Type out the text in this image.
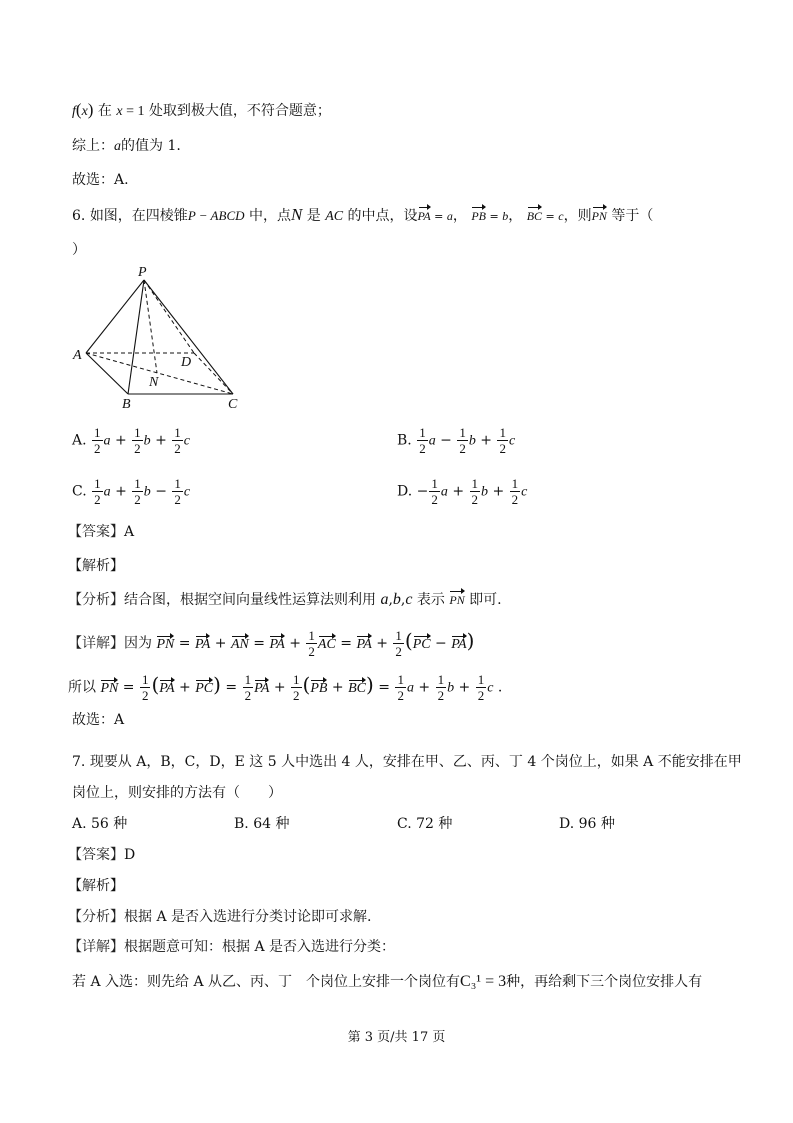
f(x) 在 x = 1 处取到极大值，不符合题意；
综上：a的值为 1.
故选：A.
6. 如图，在四棱锥P − ABCD 中，点N 是 AC 的中点，设PA = a， PB = b， BC = c，则PN 等于（
）
P
A
B	C
D
N
A. $\frac{1}{2}$ $a + \frac{1}{2}$ $b + \frac{1}{2}$ c	B. $\frac{1}{2}$ $a - \frac{1}{2}$ $b + \frac{1}{2}$ c
C. $\frac{1}{2}$ $a + \frac{1}{2}$ $b - \frac{1}{2}$ c	D. − $\frac{1}{2}$ $a + \frac{1}{2}$ $b + \frac{1}{2}$ c
【答案】A
【解析】
【分析】结合图，根据空间向量线性运算法则利用 a,b,c 表示 PN 即可.
【详解】因为 PN = PA + AN = PA + $\frac{1}{2}$ AC = PA + $\frac{1}{2} (PC - PA)$
所以 PN = $\frac{1}{2} (PA + PC) = \frac{1}{2}$ PA + $\frac{1}{2} (PB + BC) = \frac{1}{2}$ $a + \frac{1}{2}$ $b + \frac{1}{2}$ c .
故选：A
7. 现要从 A，B，C，D，E 这 5 人中选出 4 人，安排在甲、乙、丙、丁 4 个岗位上，如果 A 不能安排在甲
岗位上，则安排的方法有（　　）
A. 56 种	B. 64 种	C. 72 种	D. 96 种
【答案】D
【解析】
【分析】根据 A 是否入选进行分类讨论即可求解.
【详解】根据题意可知：根据 A 是否入选进行分类：
若 A 入选：则先给 A 从乙、丙、丁　个岗位上安排一个岗位有C₃¹ = 3种，再给剩下三个岗位安排人有
第 3 页/共 17 页
